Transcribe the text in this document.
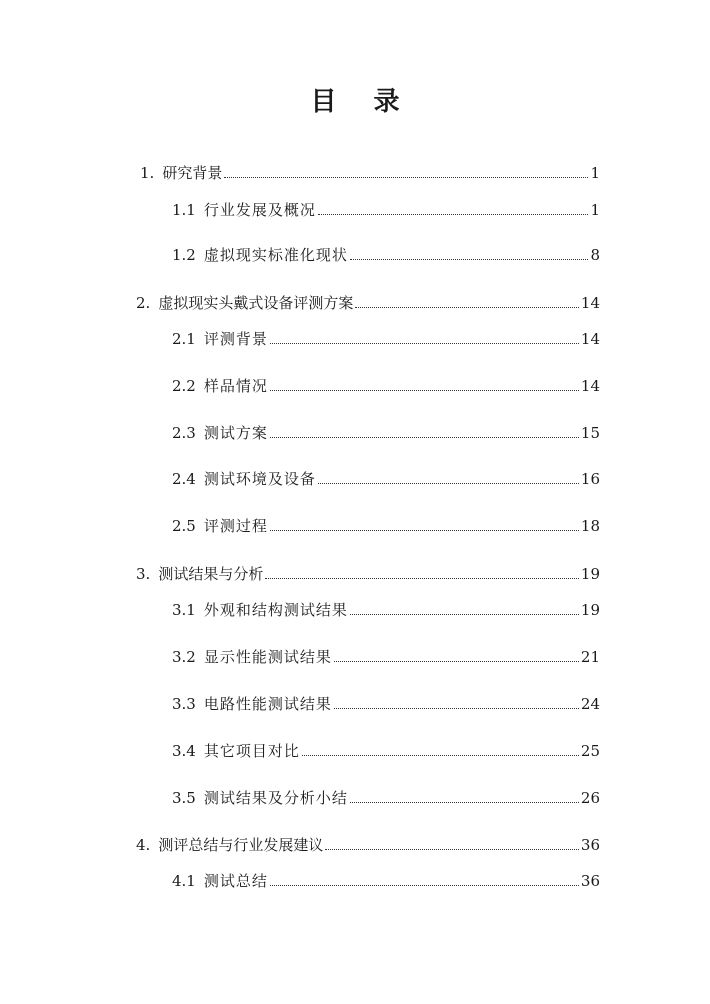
目 录
1. 研究背景	1
1.1 行业发展及概况	1
1.2 虚拟现实标准化现状	8
2. 虚拟现实头戴式设备评测方案	14
2.1 评测背景	14
2.2 样品情况	14
2.3 测试方案	15
2.4 测试环境及设备	16
2.5 评测过程	18
3. 测试结果与分析	19
3.1 外观和结构测试结果	19
3.2 显示性能测试结果	21
3.3 电路性能测试结果	24
3.4 其它项目对比	25
3.5 测试结果及分析小结	26
4. 测评总结与行业发展建议	36
4.1 测试总结	36
